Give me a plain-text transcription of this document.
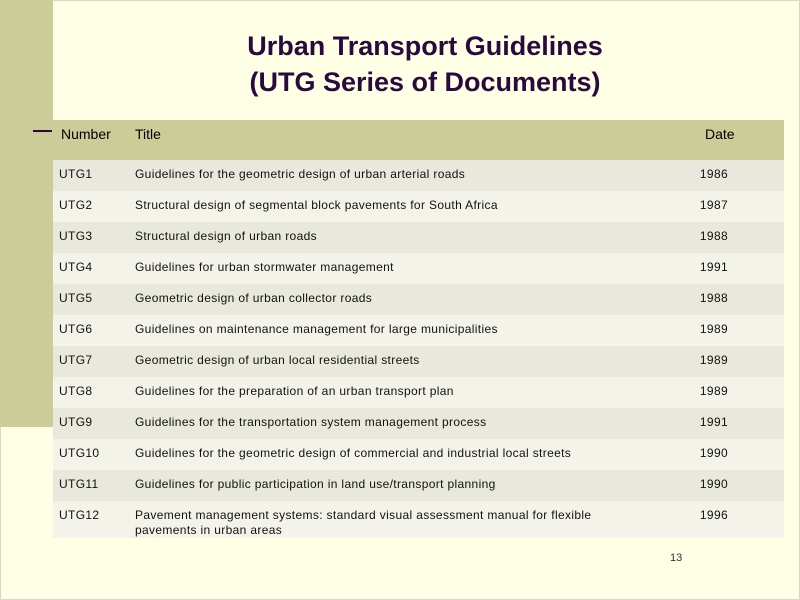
Urban Transport Guidelines
(UTG Series of Documents)
Number	Title	Date
UTG1	Guidelines for the geometric design of urban arterial roads	1986
UTG2	Structural design of segmental block pavements for South Africa	1987
UTG3	Structural design of urban roads	1988
UTG4	Guidelines for urban stormwater management	1991
UTG5	Geometric design of urban collector roads	1988
UTG6	Guidelines on maintenance management for large municipalities	1989
UTG7	Geometric design of urban local residential streets	1989
UTG8	Guidelines for the preparation of an urban transport plan	1989
UTG9	Guidelines for the transportation system management process	1991
UTG10	Guidelines for the geometric design of commercial and industrial local streets	1990
UTG11	Guidelines for public participation in land use/transport planning	1990
UTG12	Pavement management systems: standard visual assessment manual for flexible pavements in urban areas	1996
13
